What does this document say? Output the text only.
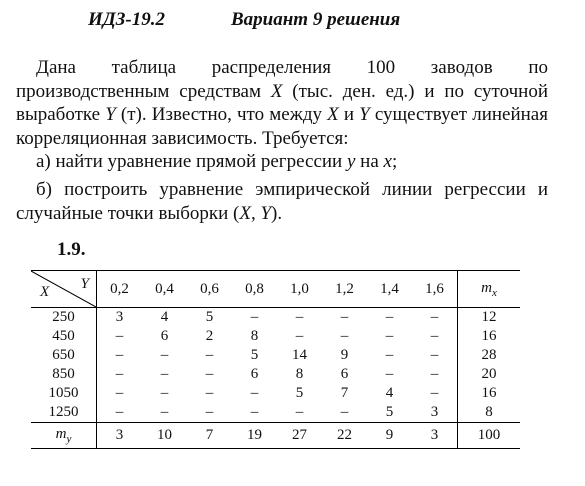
ИДЗ-19.2	Вариант 9 решения
Дана таблица распределения 100 заводов по производственным средствам X (тыс. ден. ед.) и по суточной выработке Y (т). Известно, что между X и Y существует линейная корреляционная зависимость. Требуется:
а) найти уравнение прямой регрессии y на x;
б) построить уравнение эмпирической линии регрессии и случайные точки выборки (X, Y).
1.9.
Y
X	0,2	0,4	0,6	0,8	1,0	1,2	1,4	1,6	$m_x$
250	3	4	5	–	–	–	–	–	12
450	–	6	2	8	–	–	–	–	16
650	–	–	–	5	14	9	–	–	28
850	–	–	–	6	8	6	–	–	20
1050	–	–	–	–	5	7	4	–	16
1250	–	–	–	–	–	–	5	3	8
$m_y$	3	10	7	19	27	22	9	3	100
